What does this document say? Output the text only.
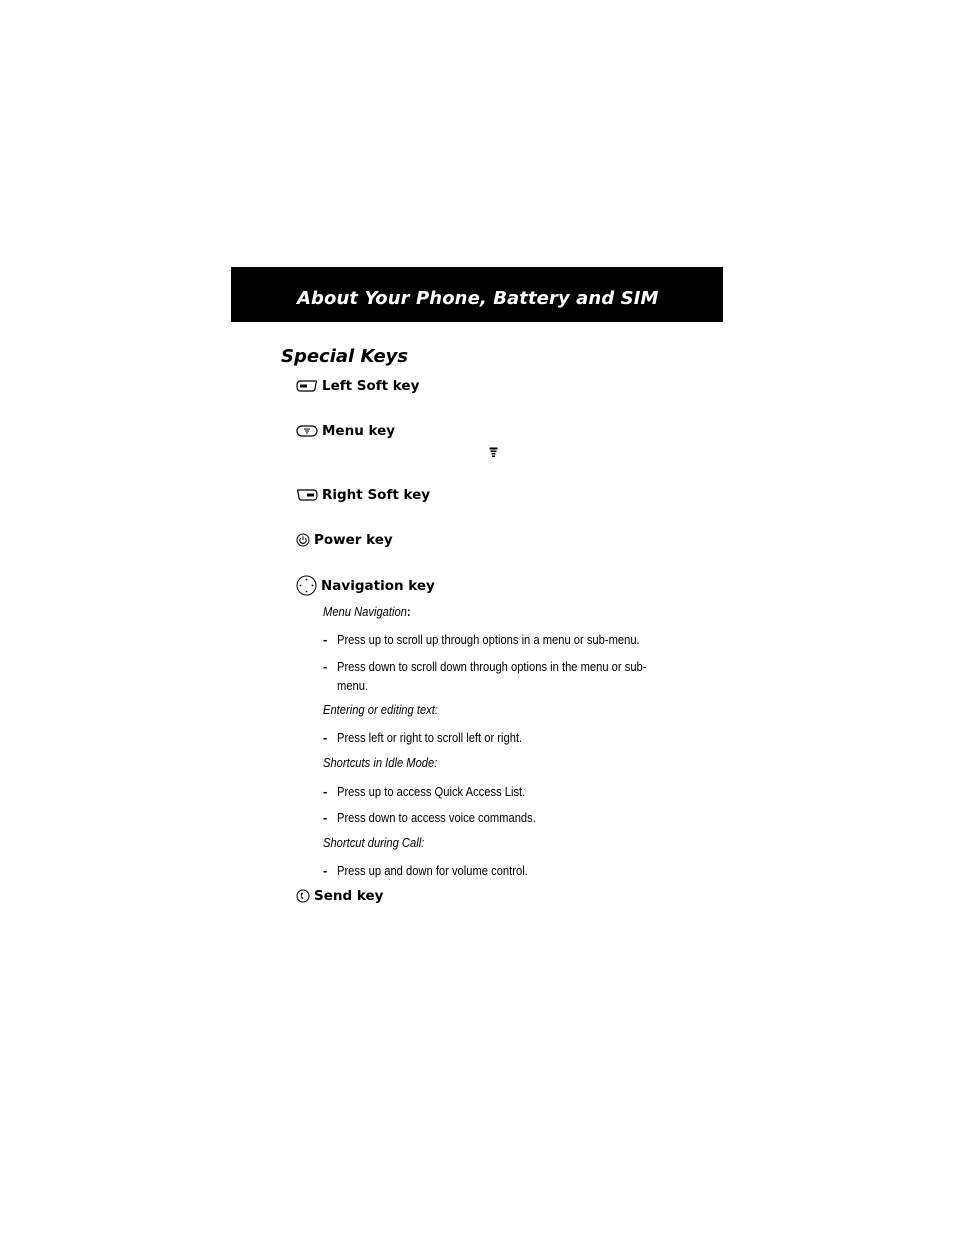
About Your Phone, Battery and SIM
Special Keys
Left Soft key
Menu key
Right Soft key
Power key
Navigation key
Menu Navigation:
- Press up to scroll up through options in a menu or sub-menu.
- Press down to scroll down through options in the menu or sub-menu.
Entering or editing text:
- Press left or right to scroll left or right.
Shortcuts in Idle Mode:
- Press up to access Quick Access List.
- Press down to access voice commands.
Shortcut during Call:
- Press up and down for volume control.
Send key
